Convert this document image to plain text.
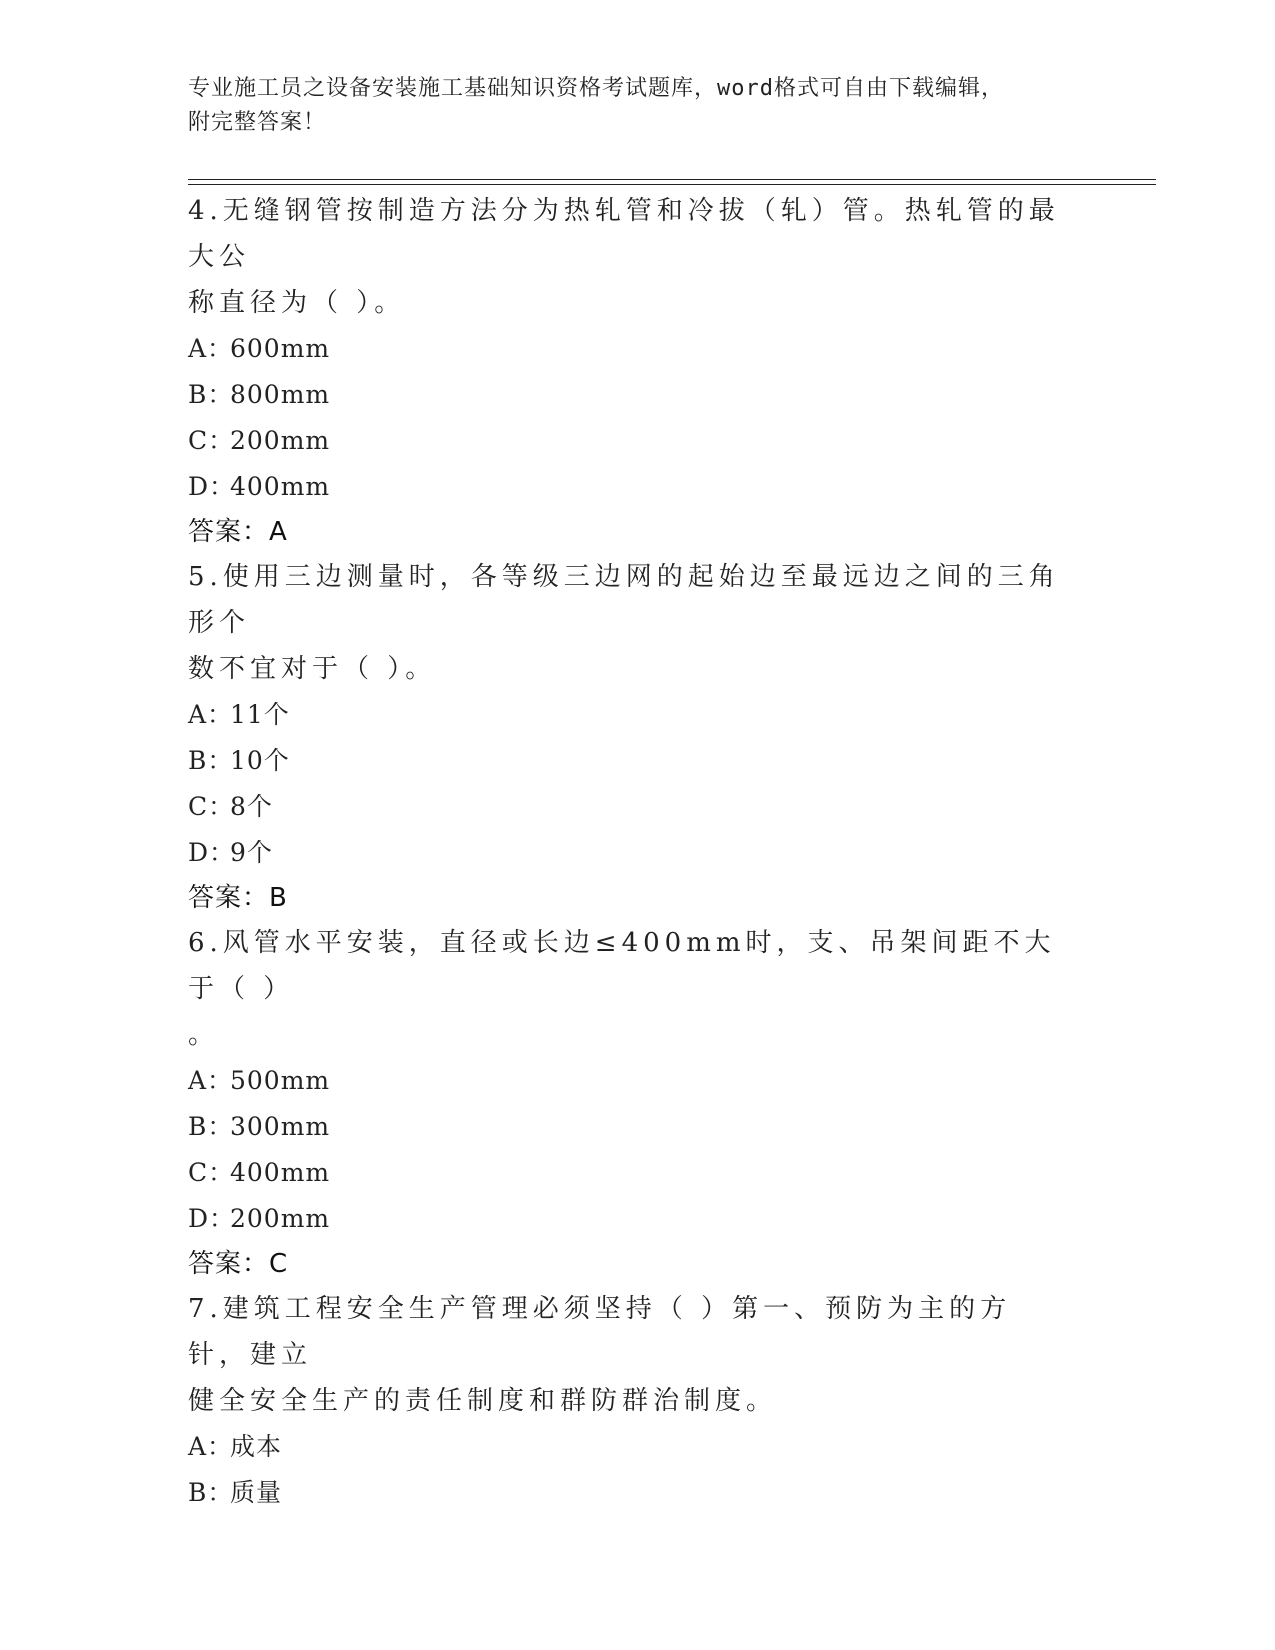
专业施工员之设备安装施工基础知识资格考试题库，word格式可自由下载编辑，
附完整答案！

4.无缝钢管按制造方法分为热轧管和冷拔（轧）管。热轧管的最大公

称直径为（ ）。

A：600mm

B：800mm

C：200mm

D：400mm

答案：A

5.使用三边测量时，各等级三边网的起始边至最远边之间的三角形个

数不宜对于（ ）。

A：11个

B：10个

C：8个

D：9个

答案：B

6.风管水平安装，直径或长边≤400mm时，支、吊架间距不大于（ ）

。

A：500mm

B：300mm

C：400mm

D：200mm

答案：C

7.建筑工程安全生产管理必须坚持（ ）第一、预防为主的方针，建立

健全安全生产的责任制度和群防群治制度。

A：成本

B：质量
